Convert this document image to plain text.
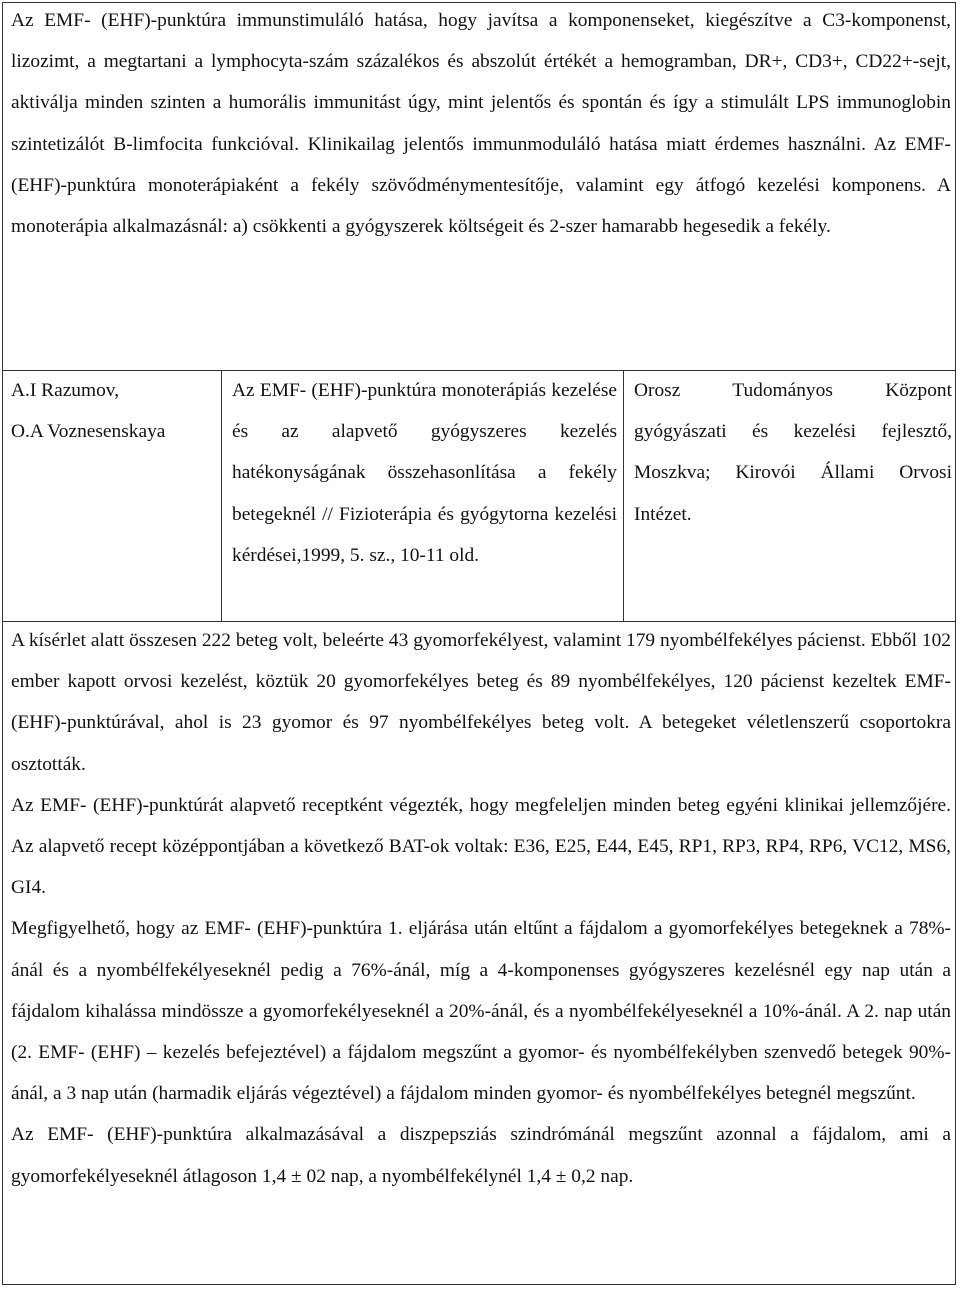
Az EMF- (EHF)-punktúra immunstimuláló hatása, hogy javítsa a komponenseket, kiegészítve a C3-komponenst, lizozimt, a megtartani a lymphocyta-szám százalékos és abszolút értékét a hemogramban, DR+, CD3+, CD22+-sejt, aktiválja minden szinten a humorális immunitást úgy, mint jelentős és spontán és így a stimulált LPS immunoglobin szintetizálót B-limfocita funkcióval. Klinikailag jelentős immunmoduláló hatása miatt érdemes használni. Az EMF- (EHF)-punktúra monoterápiaként a fekély szövődménymentesítője, valamint egy átfogó kezelési komponens. A monoterápia alkalmazásnál: a) csökkenti a gyógyszerek költségeit és 2-szer hamarabb hegesedik a fekély.

A.I Razumov,
O.A Voznesenskaya
Az EMF- (EHF)-punktúra monoterápiás kezelése és az alapvető gyógyszeres kezelés hatékonyságának összehasonlítása a fekély betegeknél // Fizioterápia és gyógytorna kezelési kérdései,1999, 5. sz., 10-11 old.
Orosz Tudományos Központ gyógyászati és kezelési fejlesztő, Moszkva; Kirovói Állami Orvosi Intézet.

A kísérlet alatt összesen 222 beteg volt, beleérte 43 gyomorfekélyest, valamint 179 nyombélfekélyes pácienst. Ebből 102 ember kapott orvosi kezelést, köztük 20 gyomorfekélyes beteg és 89 nyombélfekélyes, 120 pácienst kezeltek EMF- (EHF)-punktúrával, ahol is 23 gyomor és 97 nyombélfekélyes beteg volt. A betegeket véletlenszerű csoportokra osztották.

Az EMF- (EHF)-punktúrát alapvető receptként végezték, hogy megfeleljen minden beteg egyéni klinikai jellemzőjére. Az alapvető recept középpontjában a következő BAT-ok voltak: E36, E25, E44, E45, RP1, RP3, RP4, RP6, VC12, MS6, GI4.

Megfigyelhető, hogy az EMF- (EHF)-punktúra 1. eljárása után eltűnt a fájdalom a gyomorfekélyes betegeknek a 78%-ánál és a nyombélfekélyeseknél pedig a 76%-ánál, míg a 4-komponenses gyógyszeres kezelésnél egy nap után a fájdalom kihalássa mindössze a gyomorfekélyeseknél a 20%-ánál, és a nyombélfekélyeseknél a 10%-ánál. A 2. nap után (2. EMF- (EHF) – kezelés befejeztével) a fájdalom megszűnt a gyomor- és nyombélfekélyben szenvedő betegek 90%-ánál, a 3 nap után (harmadik eljárás végeztével) a fájdalom minden gyomor- és nyombélfekélyes betegnél megszűnt.

Az EMF- (EHF)-punktúra alkalmazásával a diszpepsziás szindrómánál megszűnt azonnal a fájdalom, ami a gyomorfekélyeseknél átlagoson 1,4 ± 02 nap, a nyombélfekélynél 1,4 ± 0,2 nap.
